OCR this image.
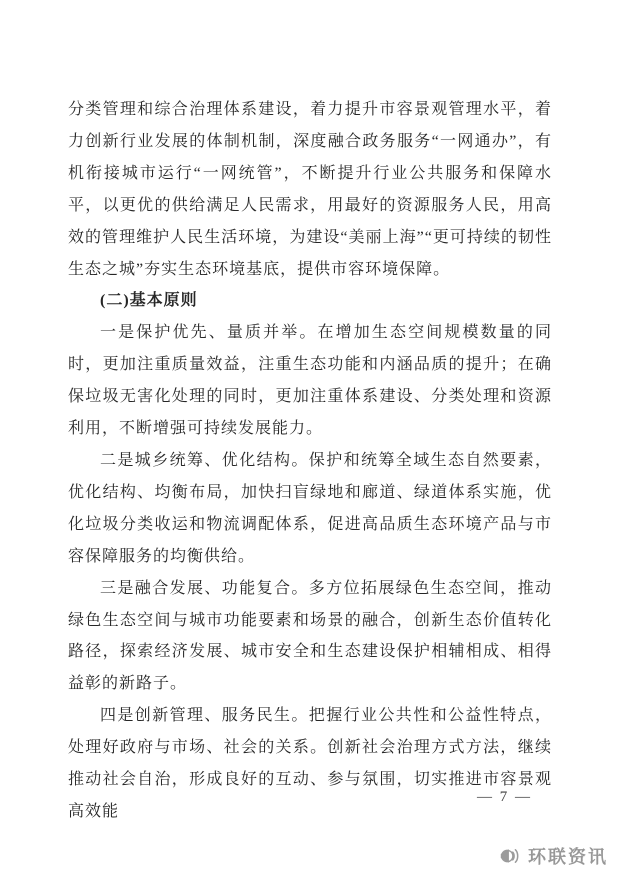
分类管理和综合治理体系建设，着力提升市容景观管理水平，着力创新行业发展的体制机制，深度融合政务服务“一网通办”，有机衔接城市运行“一网统管”，不断提升行业公共服务和保障水平，以更优的供给满足人民需求，用最好的资源服务人民，用高效的管理维护人民生活环境，为建设“美丽上海”“更可持续的韧性生态之城”夯实生态环境基底，提供市容环境保障。

(二)基本原则

一是保护优先、量质并举。在增加生态空间规模数量的同时，更加注重质量效益，注重生态功能和内涵品质的提升；在确保垃圾无害化处理的同时，更加注重体系建设、分类处理和资源利用，不断增强可持续发展能力。

二是城乡统筹、优化结构。保护和统筹全域生态自然要素，优化结构、均衡布局，加快扫盲绿地和廊道、绿道体系实施，优化垃圾分类收运和物流调配体系，促进高品质生态环境产品与市容保障服务的均衡供给。

三是融合发展、功能复合。多方位拓展绿色生态空间，推动绿色生态空间与城市功能要素和场景的融合，创新生态价值转化路径，探索经济发展、城市安全和生态建设保护相辅相成、相得益彰的新路子。

四是创新管理、服务民生。把握行业公共性和公益性特点，处理好政府与市场、社会的关系。创新社会治理方式方法，继续推动社会自治，形成良好的互动、参与氛围，切实推进市容景观高效能

— 7 —
环联资讯
